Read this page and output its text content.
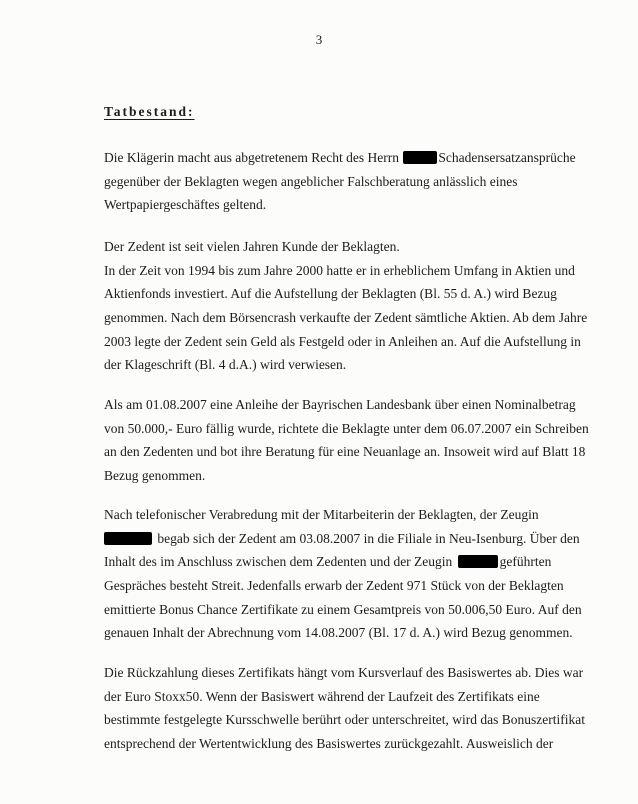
3
Tatbestand:
Die Klägerin macht aus abgetretenem Recht des Herrn	Schadensersatzansprüche
gegenüber der Beklagten wegen angeblicher Falschberatung anlässlich eines
Wertpapiergeschäftes geltend.
Der Zedent ist seit vielen Jahren Kunde der Beklagten.
In der Zeit von 1994 bis zum Jahre 2000 hatte er in erheblichem Umfang in Aktien und
Aktienfonds investiert. Auf die Aufstellung der Beklagten (Bl. 55 d. A.) wird Bezug
genommen. Nach dem Börsencrash verkaufte der Zedent sämtliche Aktien. Ab dem Jahre
2003 legte der Zedent sein Geld als Festgeld oder in Anleihen an. Auf die Aufstellung in
der Klageschrift (Bl. 4 d.A.) wird verwiesen.
Als am 01.08.2007 eine Anleihe der Bayrischen Landesbank über einen Nominalbetrag
von 50.000,- Euro fällig wurde, richtete die Beklagte unter dem 06.07.2007 ein Schreiben
an den Zedenten und bot ihre Beratung für eine Neuanlage an. Insoweit wird auf Blatt 18
Bezug genommen.
Nach telefonischer Verabredung mit der Mitarbeiterin der Beklagten, der Zeugin
begab sich der Zedent am 03.08.2007 in die Filiale in Neu-Isenburg. Über den
Inhalt des im Anschluss zwischen dem Zedenten und der Zeugin	geführten
Gespräches besteht Streit. Jedenfalls erwarb der Zedent 971 Stück von der Beklagten
emittierte Bonus Chance Zertifikate zu einem Gesamtpreis von 50.006,50 Euro. Auf den
genauen Inhalt der Abrechnung vom 14.08.2007 (Bl. 17 d. A.) wird Bezug genommen.
Die Rückzahlung dieses Zertifikats hängt vom Kursverlauf des Basiswertes ab. Dies war
der Euro Stoxx50. Wenn der Basiswert während der Laufzeit des Zertifikats eine
bestimmte festgelegte Kursschwelle berührt oder unterschreitet, wird das Bonuszertifikat
entsprechend der Wertentwicklung des Basiswertes zurückgezahlt. Ausweislich der
